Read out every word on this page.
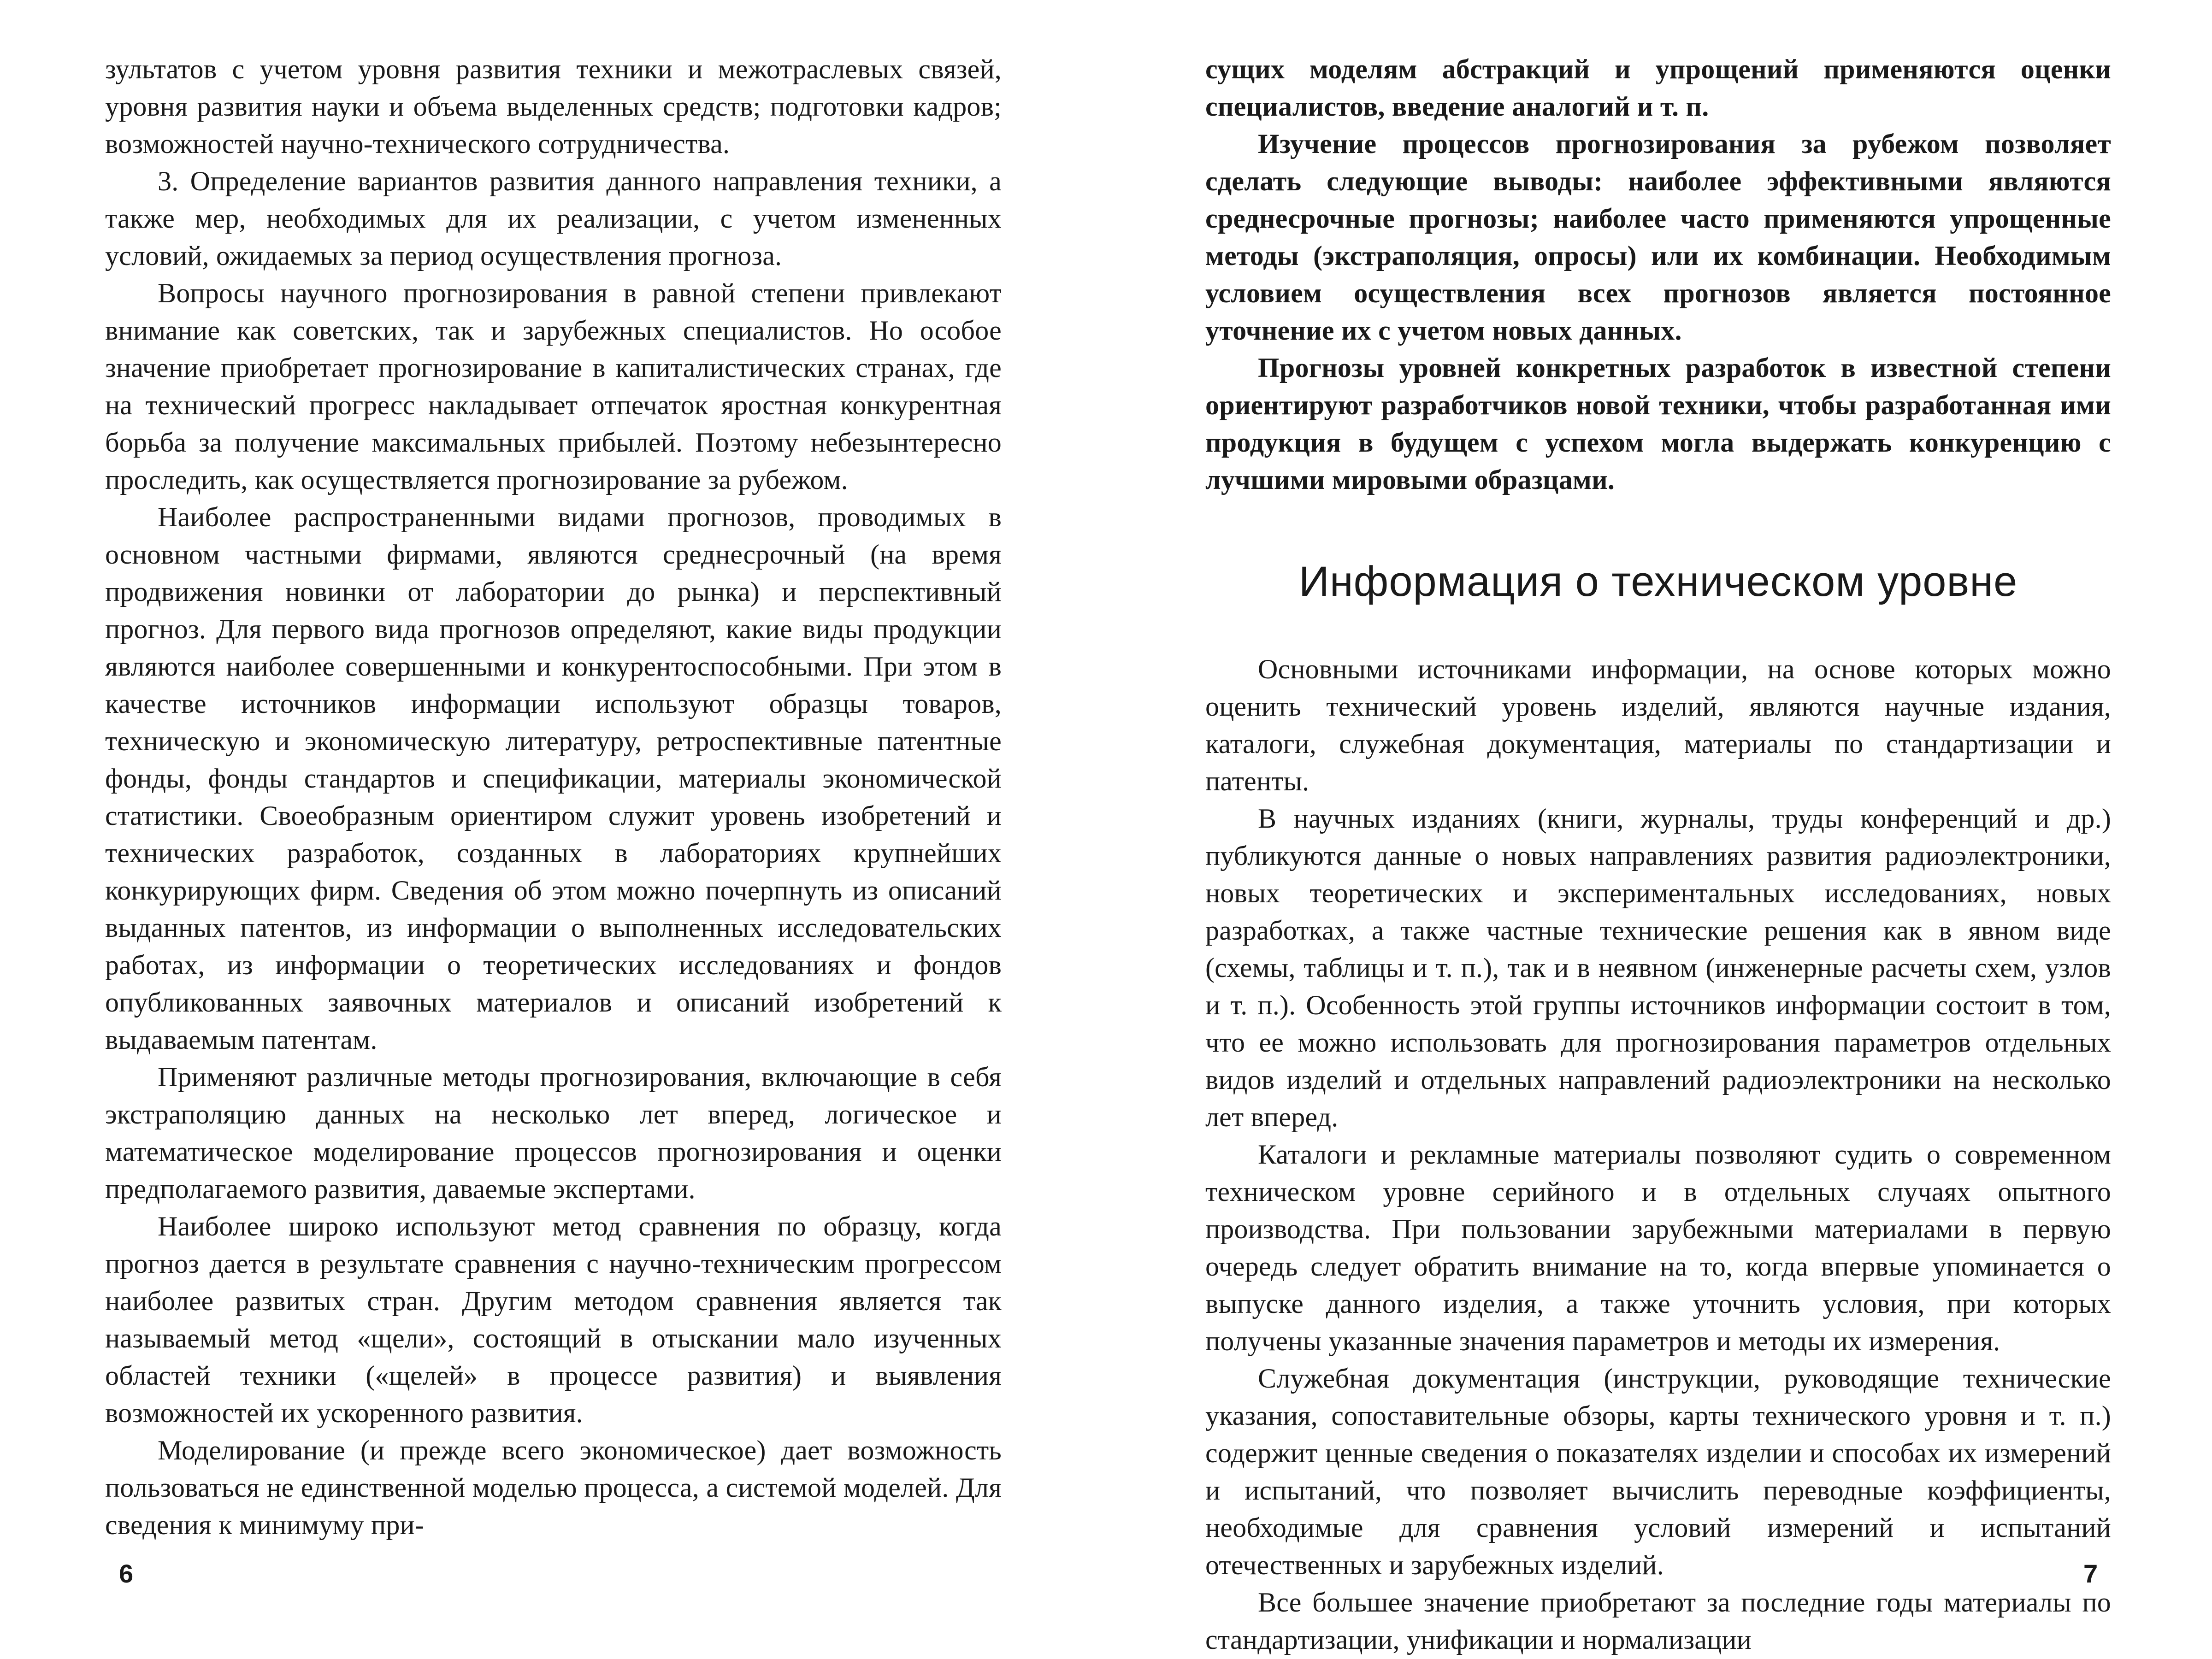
зультатов с учетом уровня развития техники и межотраслевых связей, уровня развития науки и объема выделенных средств; подготовки кадров; возможностей научно-технического сотрудничества.

3. Определение вариантов развития данного направления техники, а также мер, необходимых для их реализации, с учетом измененных условий, ожидаемых за период осуществления прогноза.

Вопросы научного прогнозирования в равной степени привлекают внимание как советских, так и зарубежных специалистов. Но особое значение приобретает прогнозирование в капиталистических странах, где на технический прогресс накладывает отпечаток яростная конкурентная борьба за получение максимальных прибылей. Поэтому небезынтересно проследить, как осуществляется прогнозирование за рубежом.

Наиболее распространенными видами прогнозов, проводимых в основном частными фирмами, являются среднесрочный (на время продвижения новинки от лаборатории до рынка) и перспективный прогноз. Для первого вида прогнозов определяют, какие виды продукции являются наиболее совершенными и конкурентоспособными. При этом в качестве источников информации используют образцы товаров, техническую и экономическую литературу, ретроспективные патентные фонды, фонды стандартов и спецификации, материалы экономической статистики. Своеобразным ориентиром служит уровень изобретений и технических разработок, созданных в лабораториях крупнейших конкурирующих фирм. Сведения об этом можно почерпнуть из описаний выданных патентов, из информации о выполненных исследовательских работах, из информации о теоретических исследованиях и фондов опубликованных заявочных материалов и описаний изобретений к выдаваемым патентам.

Применяют различные методы прогнозирования, включающие в себя экстраполяцию данных на несколько лет вперед, логическое и математическое моделирование процессов прогнозирования и оценки предполагаемого развития, даваемые экспертами.

Наиболее широко используют метод сравнения по образцу, когда прогноз дается в результате сравнения с научно-техническим прогрессом наиболее развитых стран. Другим методом сравнения является так называемый метод «щели», состоящий в отыскании мало изученных областей техники («щелей» в процессе развития) и выявления возможностей их ускоренного развития.

Моделирование (и прежде всего экономическое) дает возможность пользоваться не единственной моделью процесса, а системой моделей. Для сведения к минимуму при-

6

сущих моделям абстракций и упрощений применяются оценки специалистов, введение аналогий и т. п.

Изучение процессов прогнозирования за рубежом позволяет сделать следующие выводы: наиболее эффективными являются среднесрочные прогнозы; наиболее часто применяются упрощенные методы (экстраполяция, опросы) или их комбинации. Необходимым условием осуществления всех прогнозов является постоянное уточнение их с учетом новых данных.

Прогнозы уровней конкретных разработок в известной степени ориентируют разработчиков новой техники, чтобы разработанная ими продукция в будущем с успехом могла выдержать конкуренцию с лучшими мировыми образцами.

Информация о техническом уровне

Основными источниками информации, на основе которых можно оценить технический уровень изделий, являются научные издания, каталоги, служебная документация, материалы по стандартизации и патенты.

В научных изданиях (книги, журналы, труды конференций и др.) публикуются данные о новых направлениях развития радиоэлектроники, новых теоретических и экспериментальных исследованиях, новых разработках, а также частные технические решения как в явном виде (схемы, таблицы и т. п.), так и в неявном (инженерные расчеты схем, узлов и т. п.). Особенность этой группы источников информации состоит в том, что ее можно использовать для прогнозирования параметров отдельных видов изделий и отдельных направлений радиоэлектроники на несколько лет вперед.

Каталоги и рекламные материалы позволяют судить о современном техническом уровне серийного и в отдельных случаях опытного производства. При пользовании зарубежными материалами в первую очередь следует обратить внимание на то, когда впервые упоминается о выпуске данного изделия, а также уточнить условия, при которых получены указанные значения параметров и методы их измерения.

Служебная документация (инструкции, руководящие технические указания, сопоставительные обзоры, карты технического уровня и т. п.) содержит ценные сведения о показателях изделии и способах их измерений и испытаний, что позволяет вычислить переводные коэффициенты, необходимые для сравнения условий измерений и испытаний отечественных и зарубежных изделий.

Все большее значение приобретают за последние годы материалы по стандартизации, унификации и нормализации

7
